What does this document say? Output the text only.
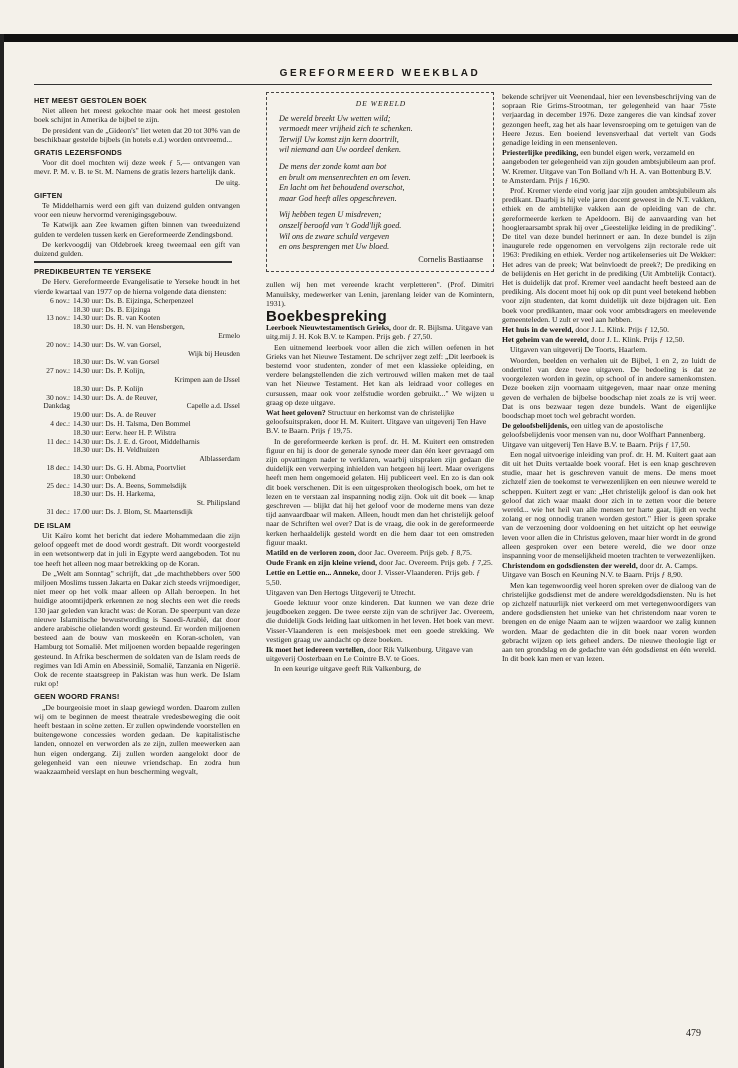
GEREFORMEERD WEEKBLAD
HET MEEST GESTOLEN BOEK

Niet alleen het meest gekochte maar ook het meest gestolen boek schijnt in Amerika de bijbel te zijn.

De president van de „Gideon's" liet weten dat 20 tot 30% van de beschikbaar gestelde bijbels (in hotels e.d.) worden ontvreemd...

GRATIS LEZERSFONDS

Voor dit doel mochten wij deze week ƒ 5,— ontvangen van mevr. P. M. v. B. te St. M. Namens de gratis lezers hartelijk dank.

De uitg.

GIFTEN

Te Middelharnis werd een gift van duizend gulden ontvangen voor een nieuw hervormd verenigingsgebouw.

Te Katwijk aan Zee kwamen giften binnen van tweeduizend gulden te verdelen tussen kerk en Gereformeerde Zendingsbond.

De kerkvoogdij van Oldebroek kreeg tweemaal een gift van duizend gulden.

PREDIKBEURTEN TE YERSEKE

De Herv. Gereformeerde Evangelisatie te Yerseke houdt in het vierde kwartaal van 1977 op de hierna volgende data diensten:

6 nov.: 14.30 uur: Ds. B. Eijzinga, Scherpenzeel
18.30 uur: Ds. B. Eijzinga
13 nov.: 14.30 uur: Ds. R. van Kooten
18.30 uur: Ds. H. N. van Hensbergen,
Ermelo
20 nov.: 14.30 uur: Ds. W. van Gorsel,
Wijk bij Heusden
18.30 uur: Ds. W. van Gorsel
27 nov.: 14.30 uur: Ds. P. Kolijn,
Krimpen aan de IJssel
18.30 uur: Ds. P. Kolijn
30 nov.: 14.30 uur: Ds. A. de Reuver,
Dankdag	Capelle a.d. IJssel
19.00 uur: Ds. A. de Reuver
4 dec.: 14.30 uur: Ds. H. Talsma, Den Bommel
18.30 uur: Eerw. heer H. P. Wilstra
11 dec.: 14.30 uur: Ds. J. E. d. Groot, Middelharnis
18.30 uur: Ds. H. Veldhuizen
Alblasserdam
18 dec.: 14.30 uur: Ds. G. H. Abma, Poortvliet
18.30 uur: Onbekend
25 dec.: 14.30 uur: Ds. A. Beens, Sommelsdijk
18.30 uur: Ds. H. Harkema,
St. Philipsland
31 dec.: 17.00 uur: Ds. J. Blom, St. Maartensdijk
DE ISLAM

Uit Kaïro komt het bericht dat iedere Mohammedaan die zijn geloof opgeeft met de dood wordt gestraft. Dit wordt voorgesteld in een wetsontwerp dat in juli in Egypte werd aangeboden. Tot nu toe heeft het alleen nog maar betrekking op de Koran.

De „Welt am Sonntag" schrijft, dat „de machthebbers over 500 miljoen Moslims tussen Jakarta en Dakar zich steeds vrijmoediger, niet meer op het volk maar alleen op Allah beroepen. In het huidige atoomtijdperk erkennen ze nog slechts een wet die reeds 130 jaar geleden van kracht was: de Koran. De speerpunt van deze nieuwe Islamitische bewustwording is Saoedi-Arabië, dat door andere arabische olielanden wordt gesteund. Er worden miljoenen besteed aan de bouw van moskeeën en Koran-scholen, van Hamburg tot Somalië. Met miljoenen worden bepaalde regeringen gesteund. In Afrika beschermen de soldaten van de Islam reeds de regimes van Idi Amin en Abessinië, Somalië, Tanzania en Nigerië. Ook de recente staatsgreep in Pakistan was hun werk. De Islam rukt op!

GEEN WOORD FRANS!

„De bourgeoisie moet in slaap gewiegd worden. Daarom zullen wij om te beginnen de meest theatrale vredesbeweging die ooit heeft bestaan in scène zetten. Er zullen opwindende voorstellen en buitengewone concessies worden gedaan. De kapitalistische landen, onnozel en verworden als ze zijn, zullen meewerken aan hun eigen ondergang. Zij zullen worden aangelokt door de gelegenheid van een nieuwe vriendschap. En zodra hun waakzaamheid verslapt en hun bescherming wegvalt,

DE WERELD
De wereld breekt Uw wetten wild;
vermoedt meer vrijheid zich te schenken.
Terwijl Uw komst zijn kern doortrilt,
wil niemand aan Uw oordeel denken.
De mens der zonde komt aan bot
en brult om mensenrechten en om leven.
En lacht om het behoudend overschot,
maar God heeft alles opgeschreven.
Wij hebben tegen U misdreven;
onszelf beroofd van 't Godd'lijk goed.
Wil ons de zware schuld vergeven
en ons besprengen met Uw bloed.
Cornelis Bastiaanse

zullen wij hen met vereende kracht verpletteren". (Prof. Dimitri Manuilsky, medewerker van Lenin, jarenlang leider van de Komintern, 1931).

Boekbespreking

Leerboek Nieuwtestamentisch Grieks, door dr. R. Bijlsma. Uitgave van uitg.mij J. H. Kok B.V. te Kampen. Prijs geb. ƒ 27,50.

Een uitnemend leerboek voor allen die zich willen oefenen in het Grieks van het Nieuwe Testament. De schrijver zegt zelf: „Dit leerboek is bestemd voor studenten, zonder of met een klassieke opleiding, en verdere belangstellenden die zich vertrouwd willen maken met de taal van het Nieuwe Testament. Het kan als leidraad voor colleges en cursussen, maar ook voor zelfstudie worden gebruikt..." We wijzen u graag op deze uitgave.

Wat heet geloven? Structuur en herkomst van de christelijke geloofsuitspraken, door H. M. Kuitert. Uitgave van uitgeverij Ten Have B.V. te Baarn. Prijs ƒ 19,75.

In de gereformeerde kerken is prof. dr. H. M. Kuitert een omstreden figuur en hij is door de generale synode meer dan één keer gevraagd om zijn opvattingen nader te verklaren, waarbij uitspraken zijn gedaan die duidelijk een verwerping inhielden van hetgeen hij leert. Maar overigens heeft men hem ongemoeid gelaten. Hij publiceert veel. En zo is dan ook dit boek verschenen. Dit is een uitgesproken theologisch boek, om het te lezen en te verstaan zal inspanning nodig zijn. Ook uit dit boek — knap geschreven — blijkt dat hij het geloof voor de moderne mens van deze tijd aanvaardbaar wil maken. Alleen, houdt men dan het christelijk geloof naar de Schriften wel over? Dat is de vraag, die ook in de gereformeerde kerken herhaaldelijk gesteld wordt en die hem daar tot een omstreden figuur maakt.

Matild en de verloren zoon, door Jac. Overeem. Prijs geb. ƒ 8,75.

Oude Frank en zijn kleine vriend, door Jac. Overeem. Prijs geb. ƒ 7,25.

Lettie en Lettie en... Anneke, door J. Visser-Vlaanderen. Prijs geb. ƒ 5,50.

Uitgaven van Den Hertogs Uitgeverij te Utrecht.

Goede lektuur voor onze kinderen. Dat kunnen we van deze drie jeugdboeken zeggen. De twee eerste zijn van de schrijver Jac. Overeem, die duidelijk Gods leiding laat uitkomen in het leven. Het boek van mevr. Visser-Vlaanderen is een meisjesboek met een goede strekking. We vestigen graag uw aandacht op deze boeken.

Ik moet het iedereen vertellen, door Rik Valkenburg. Uitgave van uitgeverij Oosterbaan en Le Cointre B.V. te Goes.

In een keurige uitgave geeft Rik Valkenburg, de

bekende schrijver uit Veenendaal, hier een levensbeschrijving van de sopraan Rie Grims-Strootman, ter gelegenheid van haar 75ste verjaardag in december 1976. Deze zangeres die van kindsaf zover gezongen heeft, zag het als haar levensroeping om te getuigen van de Heere Jezus. Een boeiend levensverhaal dat vertelt van Gods genadige leiding in een mensenleven.

Priesterlijke prediking, een bundel eigen werk, verzameld en aangeboden ter gelegenheid van zijn gouden ambtsjubileum aan prof. W. Kremer. Uitgave van Ton Bolland v/h H. A. van Bottenburg B.V. te Amsterdam. Prijs ƒ 16,90.

Prof. Kremer vierde eind vorig jaar zijn gouden ambtsjubileum als predikant. Daarbij is hij vele jaren docent geweest in de N.T. vakken, ethiek en de ambtelijke vakken aan de opleiding van de chr. gereformeerde kerken te Apeldoorn. Bij de aanvaarding van het hoogleraarsambt sprak hij over „Geestelijke leiding in de prediking". De titel van deze bundel herinnert er aan. In deze bundel is zijn inaugurele rede opgenomen en vervolgens zijn rectorale rede uit 1963: Prediking en ethiek. Verder nog artikelenseries uit De Wekker: Het adres van de preek; Wat beïnvloedt de preek?; De prediking en de belijdenis en Het gericht in de prediking (Uit Ambtelijk Contact). Het is duidelijk dat prof. Kremer veel aandacht heeft besteed aan de prediking. Als docent moet hij ook op dit punt veel betekend hebben voor zijn studenten, dat komt duidelijk uit deze bijdragen uit. Een boek voor predikanten, maar ook voor ambtsdragers en meelevende gemeenteleden. U zult er veel aan hebben.

Het huis in de wereld, door J. L. Klink. Prijs ƒ 12,50.

Het geheim van de wereld, door J. L. Klink. Prijs ƒ 12,50.

Uitgaven van uitgeverij De Toorts, Haarlem.

Woorden, beelden en verhalen uit de Bijbel, 1 en 2, zo luidt de ondertitel van deze twee uitgaven. De bedoeling is dat ze voorgelezen worden in gezin, op school of in andere samenkomsten. Deze boeken zijn voornaam uitgegeven, maar naar onze mening geven de verhalen de bijbelse boodschap niet zoals ze is vrij weer. Dat is ons bezwaar tegen deze bundels. Want de eigenlijke boodschap moet toch wel gebracht worden.

De geloofsbelijdenis, een uitleg van de apostolische geloofsbelijdenis voor mensen van nu, door Wolfhart Pannenberg. Uitgave van uitgeverij Ten Have B.V. te Baarn. Prijs ƒ 17,50.

Een nogal uitvoerige inleiding van prof. dr. H. M. Kuitert gaat aan dit uit het Duits vertaalde boek vooraf. Het is een knap geschreven studie, maar het is geschreven vanuit de mens. De mens moet zichzelf zien de toekomst te verwezenlijken en een nieuwe wereld te scheppen. Kuitert zegt er van: „Het christelijk geloof is dan ook het geloof dat zich waar maakt door zich in te zetten voor die betere wereld... wie het heil van alle mensen ter harte gaat, lijdt en vecht zolang er nog onnodig tranen worden gestort." Hier is geen sprake van de verzoening door voldoening en het uitzicht op het eeuwige leven voor allen die in Christus geloven, maar hier wordt in de grond alleen gesproken over een betere wereld, die we door onze inspanning voor de menselijkheid moeten trachten te verwezenlijken.

Christendom en godsdiensten der wereld, door dr. A. Camps. Uitgave van Bosch en Keuning N.V. te Baarn. Prijs ƒ 8,90.

Men kan tegenwoordig veel horen spreken over de dialoog van de christelijke godsdienst met de andere wereldgodsdiensten. Nu is het op zichzelf natuurlijk niet verkeerd om met vertegenwoordigers van andere godsdiensten het unieke van het christendom naar voren te brengen en de enige Naam aan te wijzen waardoor we zalig kunnen worden. Maar de gedachten die in dit boek naar voren worden gebracht wijzen op iets geheel anders. De nieuwe theologie ligt er aan ten grondslag en de gedachte van één godsdienst en één wereld. In dit boek kan men er van lezen.

479
